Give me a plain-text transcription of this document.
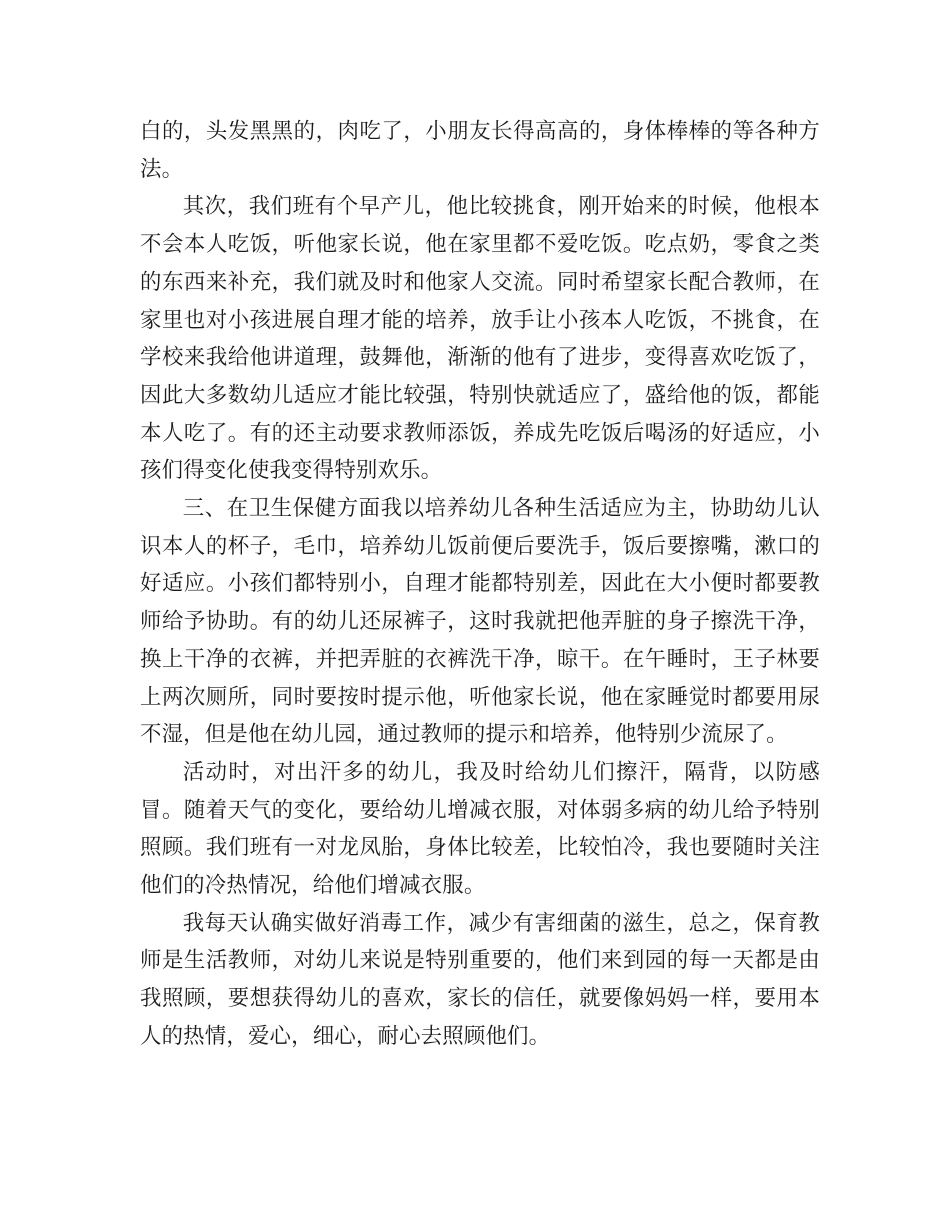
白的，头发黑黑的，肉吃了，小朋友长得高高的，身体棒棒的等各种方法。

其次，我们班有个早产儿，他比较挑食，刚开始来的时候，他根本不会本人吃饭，听他家长说，他在家里都不爱吃饭。吃点奶，零食之类的东西来补充，我们就及时和他家人交流。同时希望家长配合教师，在家里也对小孩进展自理才能的培养，放手让小孩本人吃饭，不挑食，在学校来我给他讲道理，鼓舞他，渐渐的他有了进步，变得喜欢吃饭了，因此大多数幼儿适应才能比较强，特别快就适应了，盛给他的饭，都能本人吃了。有的还主动要求教师添饭，养成先吃饭后喝汤的好适应，小孩们得变化使我变得特别欢乐。

三、在卫生保健方面我以培养幼儿各种生活适应为主，协助幼儿认识本人的杯子，毛巾，培养幼儿饭前便后要洗手，饭后要擦嘴，漱口的好适应。小孩们都特别小，自理才能都特别差，因此在大小便时都要教师给予协助。有的幼儿还尿裤子，这时我就把他弄脏的身子擦洗干净，换上干净的衣裤，并把弄脏的衣裤洗干净，晾干。在午睡时，王子林要上两次厕所，同时要按时提示他，听他家长说，他在家睡觉时都要用尿不湿，但是他在幼儿园，通过教师的提示和培养，他特别少流尿了。

活动时，对出汗多的幼儿，我及时给幼儿们擦汗，隔背，以防感冒。随着天气的变化，要给幼儿增减衣服，对体弱多病的幼儿给予特别照顾。我们班有一对龙凤胎，身体比较差，比较怕冷，我也要随时关注他们的冷热情况，给他们增减衣服。

我每天认确实做好消毒工作，减少有害细菌的滋生，总之，保育教师是生活教师，对幼儿来说是特别重要的，他们来到园的每一天都是由我照顾，要想获得幼儿的喜欢，家长的信任，就要像妈妈一样，要用本人的热情，爱心，细心，耐心去照顾他们。
